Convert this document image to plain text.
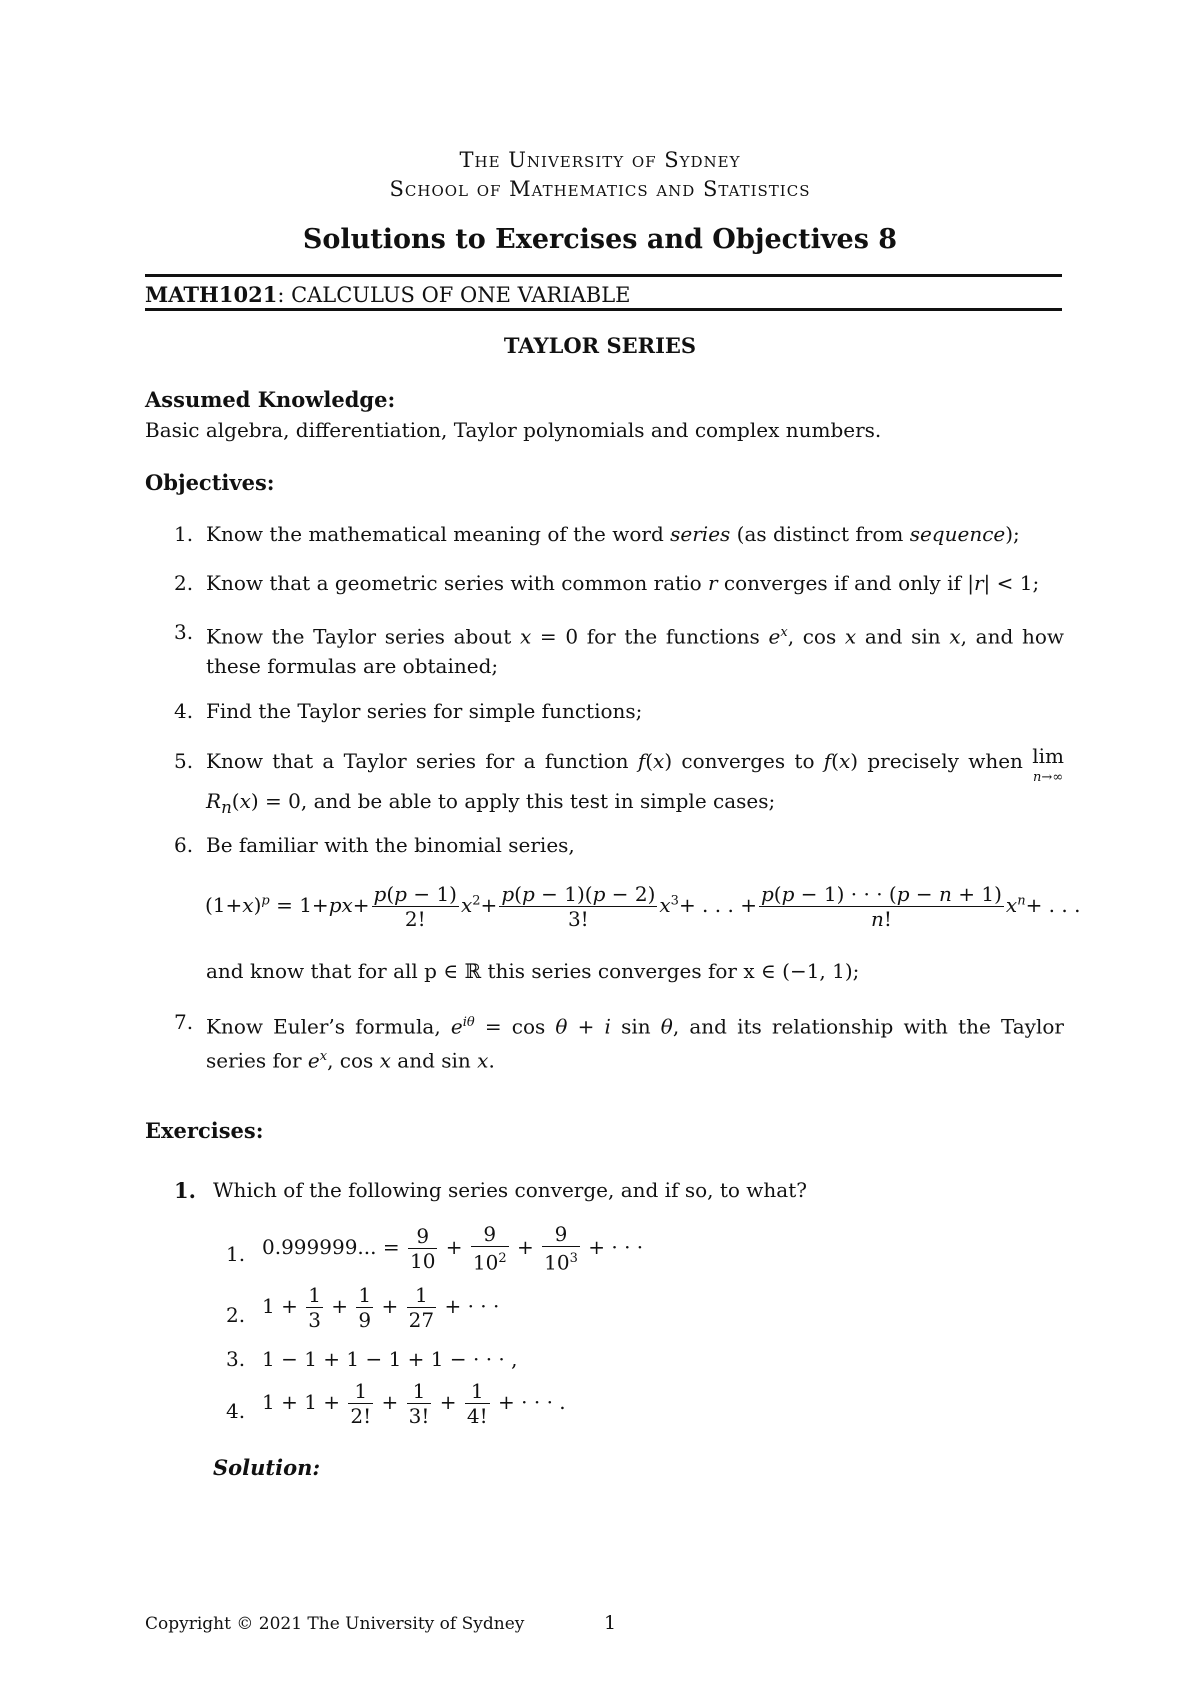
The University of Sydney
School of Mathematics and Statistics
Solutions to Exercises and Objectives 8
MATH1021: CALCULUS OF ONE VARIABLE
TAYLOR SERIES
Assumed Knowledge:
Basic algebra, differentiation, Taylor polynomials and complex numbers.
Objectives:
1. Know the mathematical meaning of the word series (as distinct from sequence);
2. Know that a geometric series with common ratio r converges if and only if |r| < 1;
3. Know the Taylor series about x = 0 for the functions $e^x$, cos x and sin x, and how these formulas are obtained;
4. Find the Taylor series for simple functions;
5. Know that a Taylor series for a function f(x) converges to f(x) precisely when lim
n→∞ $R_n(x) = 0$, and be able to apply this test in simple cases;
6. Be familiar with the binomial series,
$(1+x)^p = 1+px+ \frac{p(p - 1)}{2!} x^2+ \frac{p(p - 1)(p - 2)}{3!} x^3+$ . . . + $\frac{p(p - 1) \cdot \cdot \cdot (p - n + 1)}{n!} x^n+$ . . .
and know that for all p ∈ ℝ this series converges for x ∈ (−1, 1);
7. Know Euler’s formula, $e^{i\theta} = \cos \theta + i$ sin θ, and its relationship with the Taylor series for $e^x$, cos x and sin x.
Exercises:
1. Which of the following series converge, and if so, to what?
1. 0.999999... = $\frac{9}{10} + \frac{9}{10^2} + \frac{9}{10^3}$ + · · ·
2. $1 + \frac{1}{3} + \frac{1}{9} + \frac{1}{27}$ + · · ·
3. 1 − 1 + 1 − 1 + 1 − · · · ,
4. $1 + 1 + \frac{1}{2!} + \frac{1}{3!} + \frac{1}{4!}$ + · · · .
Solution:
Copyright © 2021 The University of Sydney	1
